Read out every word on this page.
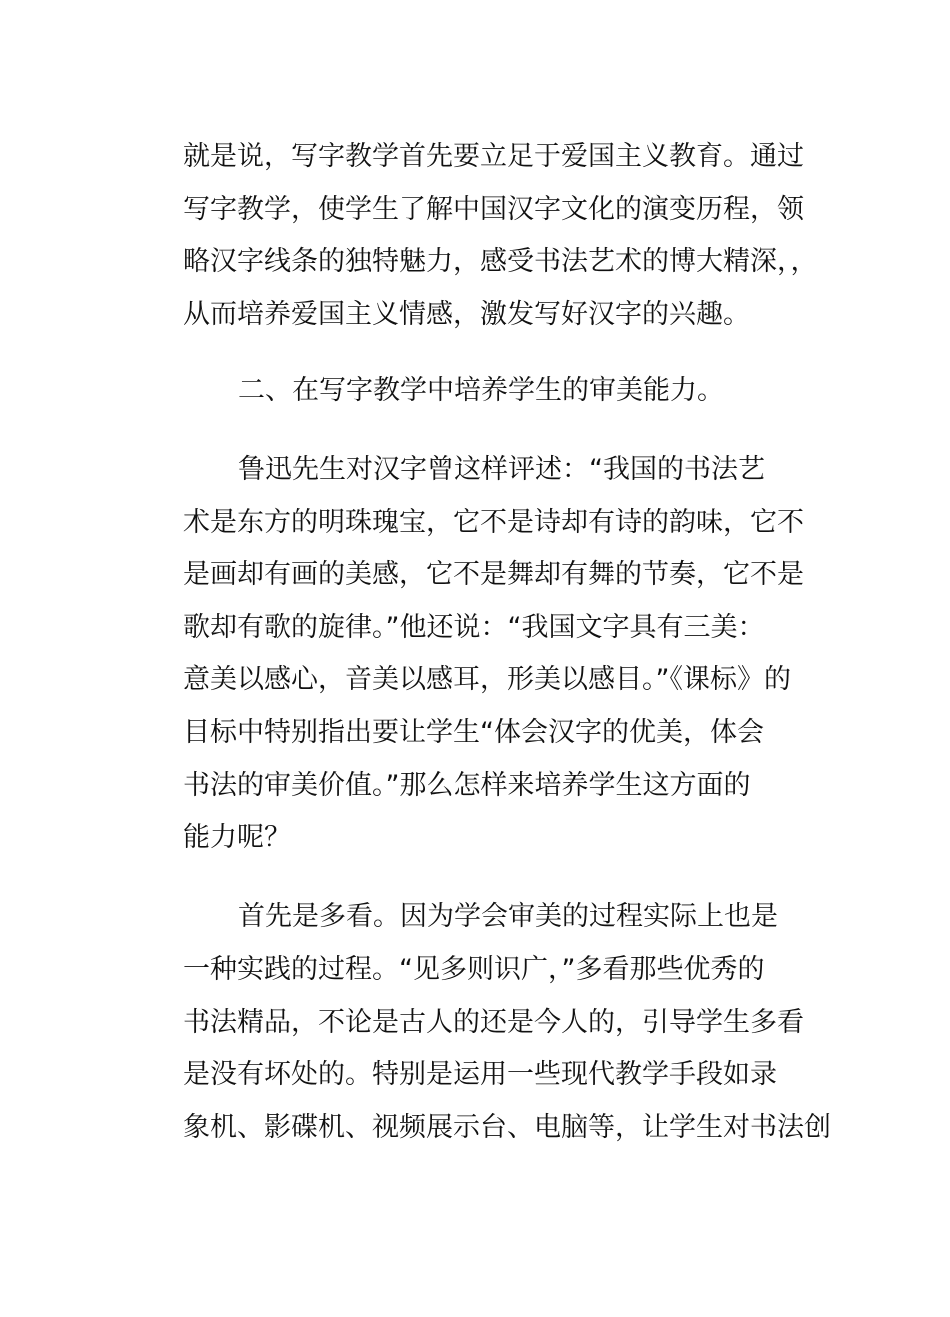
就是说，写字教学首先要立足于爱国主义教育。通过
写字教学，使学生了解中国汉字文化的演变历程，领
略汉字线条的独特魅力，感受书法艺术的博大精深，，
从而培养爱国主义情感，激发写好汉字的兴趣。
二、在写字教学中培养学生的审美能力。
鲁迅先生对汉字曾这样评述：“我国的书法艺
术是东方的明珠瑰宝，它不是诗却有诗的韵味，它不
是画却有画的美感，它不是舞却有舞的节奏，它不是
歌却有歌的旋律。”他还说：“我国文字具有三美：
意美以感心，音美以感耳，形美以感目。”《课标》的
目标中特别指出要让学生“体会汉字的优美，体会
书法的审美价值。”那么怎样来培养学生这方面的
能力呢？
首先是多看。因为学会审美的过程实际上也是
一种实践的过程。“见多则识广，”多看那些优秀的
书法精品，不论是古人的还是今人的，引导学生多看
是没有坏处的。特别是运用一些现代教学手段如录
象机、影碟机、视频展示台、电脑等，让学生对书法创
